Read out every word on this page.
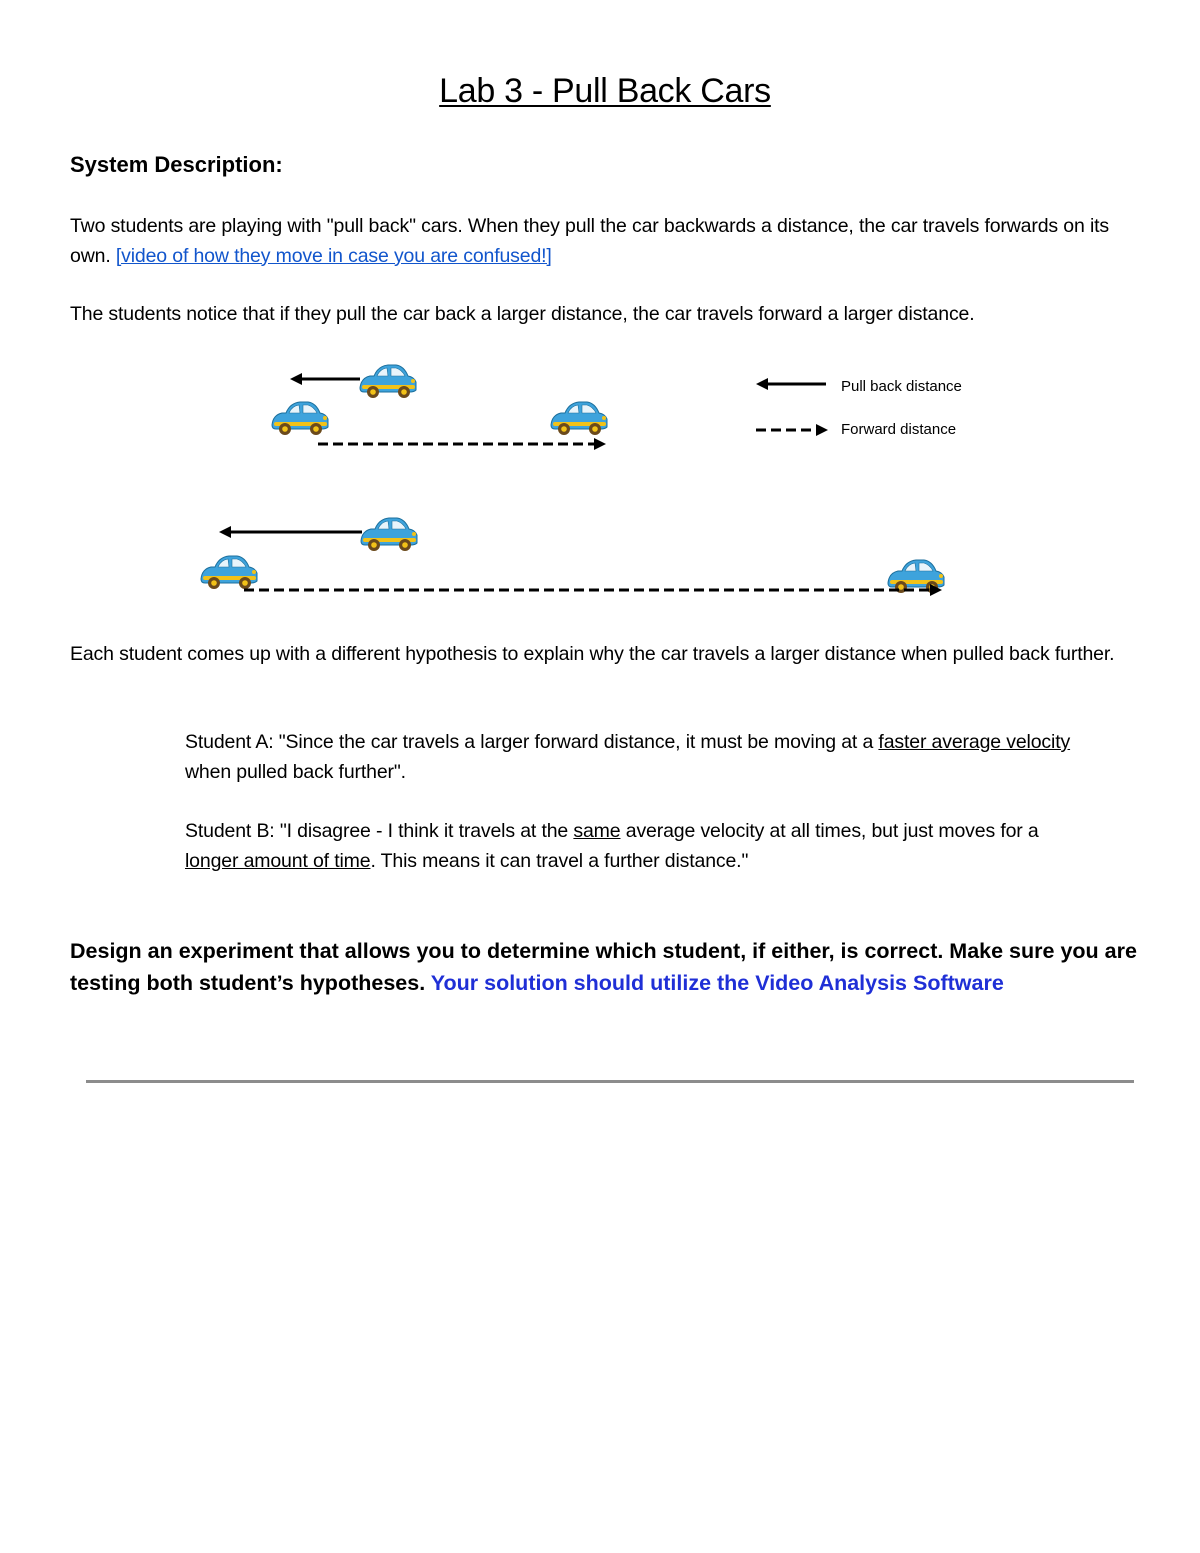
Lab 3 - Pull Back Cars
System Description:
Two students are playing with "pull back" cars. When they pull the car backwards a distance, the car travels forwards on its own. [video of how they move in case you are confused!]
The students notice that if they pull the car back a larger distance, the car travels forward a larger distance.
Pull back distance
Forward distance
Each student comes up with a different hypothesis to explain why the car travels a larger distance when pulled back further.
Student A: "Since the car travels a larger forward distance, it must be moving at a faster average velocity when pulled back further".
Student B: "I disagree - I think it travels at the same average velocity at all times, but just moves for a longer amount of time. This means it can travel a further distance."
Design an experiment that allows you to determine which student, if either, is correct. Make sure you are testing both student’s hypotheses. Your solution should utilize the Video Analysis Software
